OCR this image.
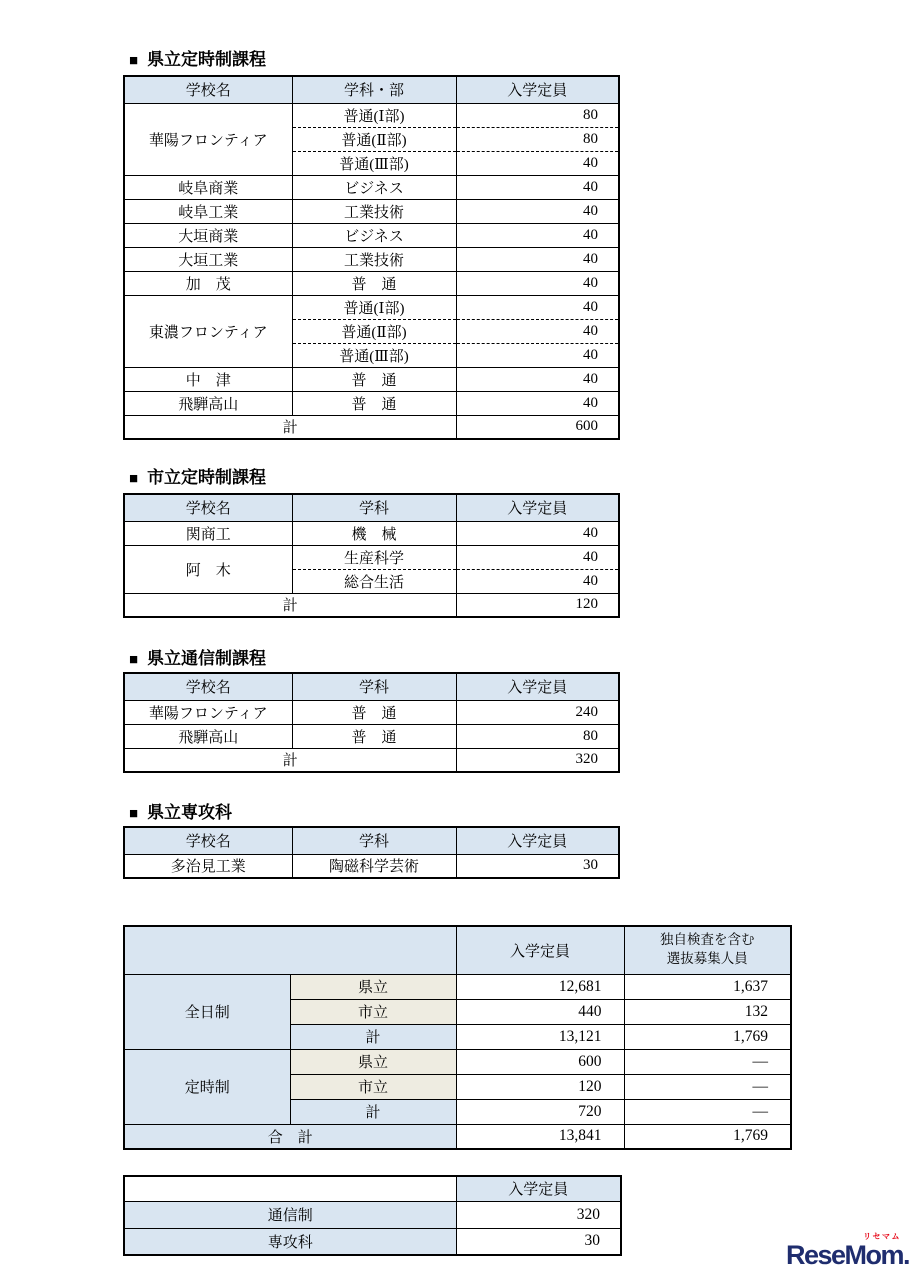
■ 県立定時制課程
学校名	学科・部	入学定員
華陽フロンティア	普通(Ⅰ部)	80
	普通(Ⅱ部)	80
	普通(Ⅲ部)	40
岐阜商業	ビジネス	40
岐阜工業	工業技術	40
大垣商業	ビジネス	40
大垣工業	工業技術	40
加　茂	普　通	40
東濃フロンティア	普通(Ⅰ部)	40
	普通(Ⅱ部)	40
	普通(Ⅲ部)	40
中　津	普　通	40
飛騨高山	普　通	40
計		600
■ 市立定時制課程
学校名	学科	入学定員
関商工	機　械	40
阿　木	生産科学	40
	総合生活	40
計		120
■ 県立通信制課程
学校名	学科	入学定員
華陽フロンティア	普　通	240
飛騨高山	普　通	80
計		320
■ 県立専攻科
学校名	学科	入学定員
多治見工業	陶磁科学芸術	30
		入学定員	独自検査を含む
選抜募集人員
全日制	県立	12,681	1,637
	市立	440	132
	計	13,121	1,769
定時制	県立	600	―
	市立	120	―
	計	720	―
合　計		13,841	1,769
	入学定員
通信制	320
専攻科	30	リセマム
ReseMom.
